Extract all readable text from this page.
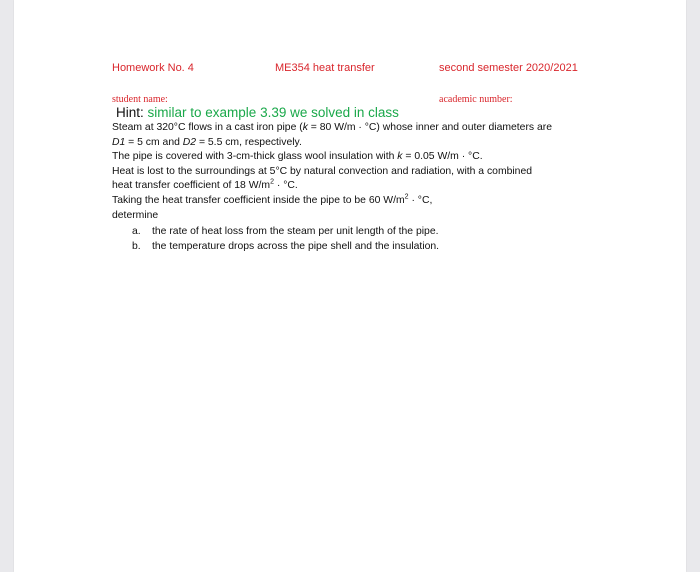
Homework No. 4	ME354 heat transfer	second semester 2020/2021
student name:	academic number:
Hint: similar to example 3.39 we solved in class

Steam at 320°C flows in a cast iron pipe (k = 80 W/m · °C) whose inner and outer diameters are

D1 = 5 cm and D2 = 5.5 cm, respectively.

The pipe is covered with 3-cm-thick glass wool insulation with k = 0.05 W/m · °C.

Heat is lost to the surroundings at 5°C by natural convection and radiation, with a combined

heat transfer coefficient of 18 $W/m^2 \cdot ^\circ C$.

Taking the heat transfer coefficient inside the pipe to be 60 $W/m^2 \cdot ^\circ C$,

determine

a. the rate of heat loss from the steam per unit length of the pipe.
b. the temperature drops across the pipe shell and the insulation.
